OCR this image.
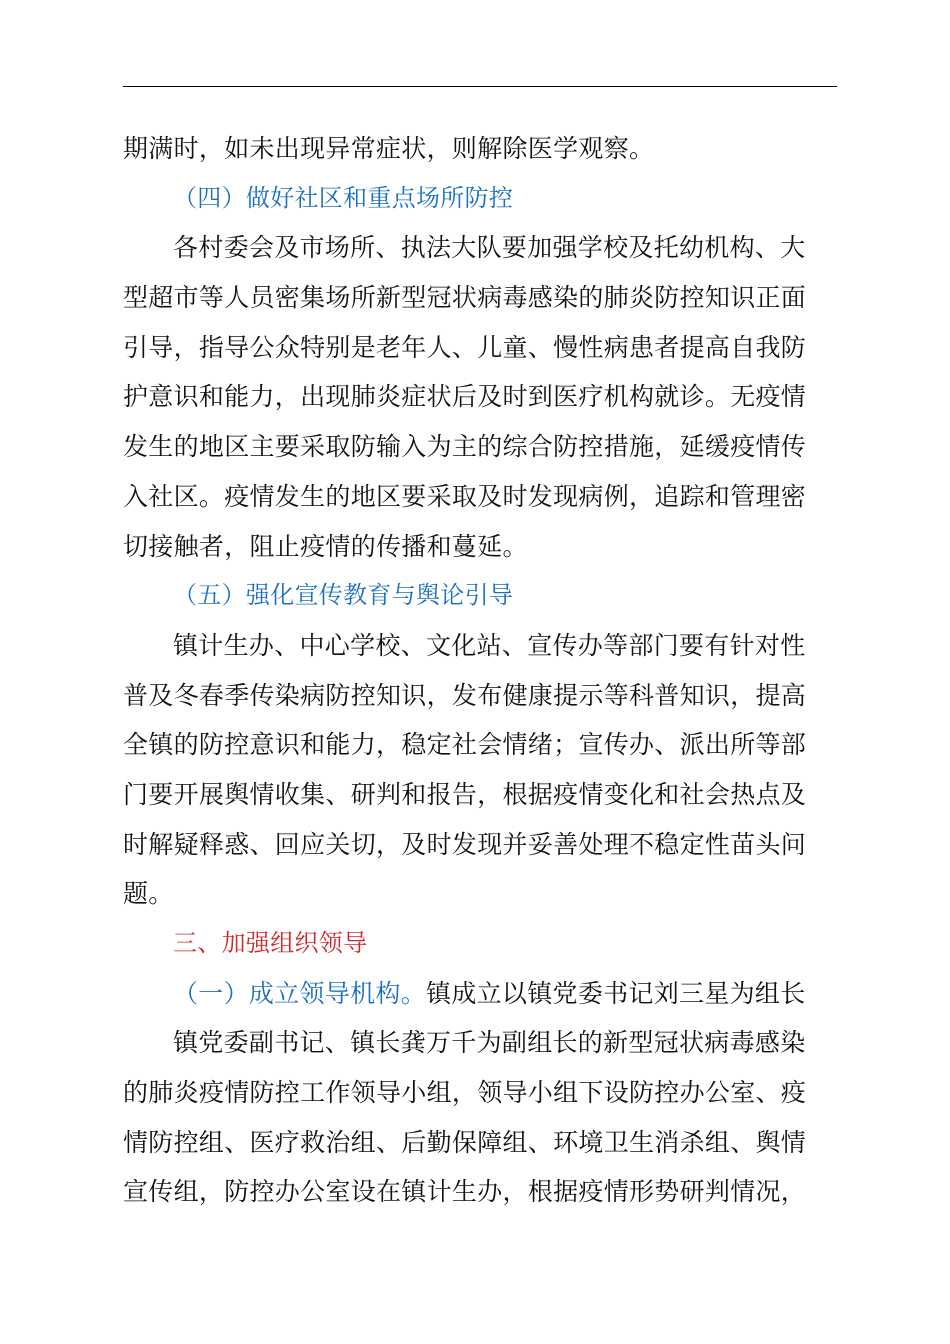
期满时，如未出现异常症状，则解除医学观察。
（四）做好社区和重点场所防控
各村委会及市场所、执法大队要加强学校及托幼机构、大
型超市等人员密集场所新型冠状病毒感染的肺炎防控知识正面
引导，指导公众特别是老年人、儿童、慢性病患者提高自我防
护意识和能力，出现肺炎症状后及时到医疗机构就诊。无疫情
发生的地区主要采取防输入为主的综合防控措施，延缓疫情传
入社区。疫情发生的地区要采取及时发现病例，追踪和管理密
切接触者，阻止疫情的传播和蔓延。
（五）强化宣传教育与舆论引导
镇计生办、中心学校、文化站、宣传办等部门要有针对性
普及冬春季传染病防控知识，发布健康提示等科普知识，提高
全镇的防控意识和能力，稳定社会情绪；宣传办、派出所等部
门要开展舆情收集、研判和报告，根据疫情变化和社会热点及
时解疑释惑、回应关切，及时发现并妥善处理不稳定性苗头问
题。
三、加强组织领导
（一）成立领导机构。镇成立以镇党委书记刘三星为组长
镇党委副书记、镇长龚万千为副组长的新型冠状病毒感染
的肺炎疫情防控工作领导小组，领导小组下设防控办公室、疫
情防控组、医疗救治组、后勤保障组、环境卫生消杀组、舆情
宣传组，防控办公室设在镇计生办，根据疫情形势研判情况，
